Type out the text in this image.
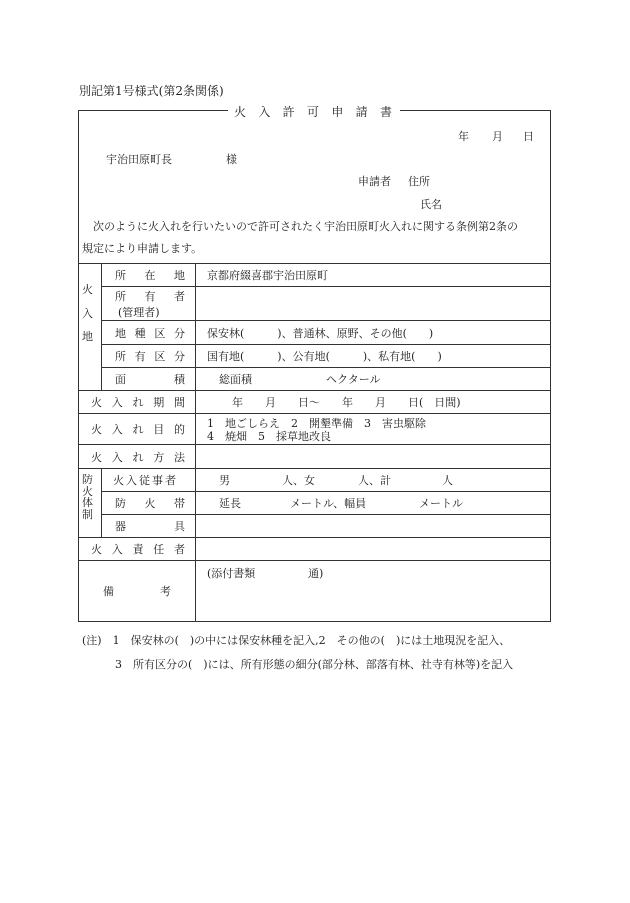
別記第1号様式(第2条関係)
火 入 許 可 申 請 書
年 月 日
宇治田原町長	様
申請者 住所
氏名
次のように火入れを行いたいので許可されたく宇治田原町火入れに関する条例第2条の
規定により申請します。
火
入
地
所 在 地 京都府綴喜郡宇治田原町
所 有 者
(管理者)
地 種 区 分 保安林(　　　)、普通林、原野、その他(　　)
所 有 区 分 国有地(　　　)、公有地(　　　)、私有地(　　)
面	積	総面積	ヘクタール
火 入 れ 期 間	年　　月　　日〜　　年　　月　　日(　日間)
火 入 れ 目 的 1　地ごしらえ　2　開墾準備　3　害虫駆除
4　焼畑　5　採草地改良
火 入 れ 方 法
防
火
体
制
火入従事者	男	人、女	人、計	人
防 火 帯	延長	メートル、幅員	メートル
器	具
火 入 責 任 者
備	考
(添付書類	通)
(注)　1　保安林の(　)の中には保安林種を記入,2　その他の(　)には土地現況を記入、
3　所有区分の(　)には、所有形態の細分(部分林、部落有林、社寺有林等)を記入
